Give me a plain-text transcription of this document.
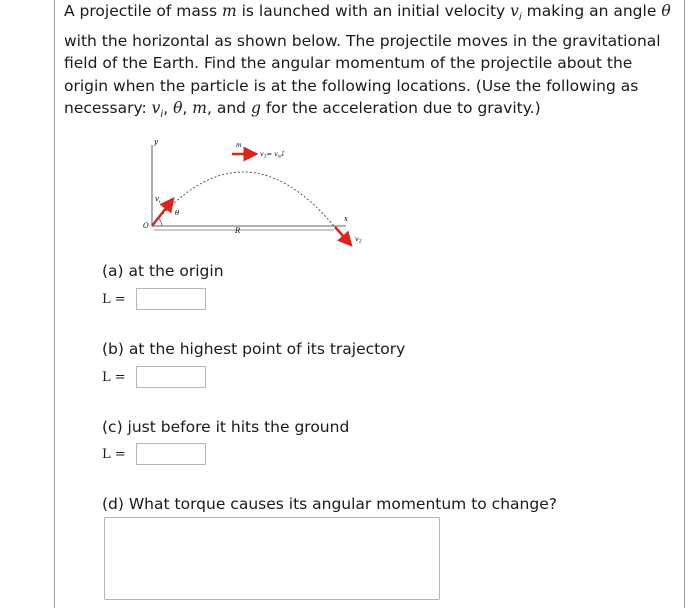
A projectile of mass m is launched with an initial velocity → $v_i$ making an angle θ with the horizontal as shown below. The projectile moves in the gravitational field of the Earth. Find the angular momentum of the projectile about the origin when the particle is at the following locations. (Use the following as necessary: $v_i$, θ, m, and g for the acceleration due to gravity.)
y
x
O
R
$v_i$
θ
m
$v_1=$ $v_{xi}î$
$v_2$
(a) at the origin
L =
(b) at the highest point of its trajectory
L =
(c) just before it hits the ground
L =
(d) What torque causes its angular momentum to change?
